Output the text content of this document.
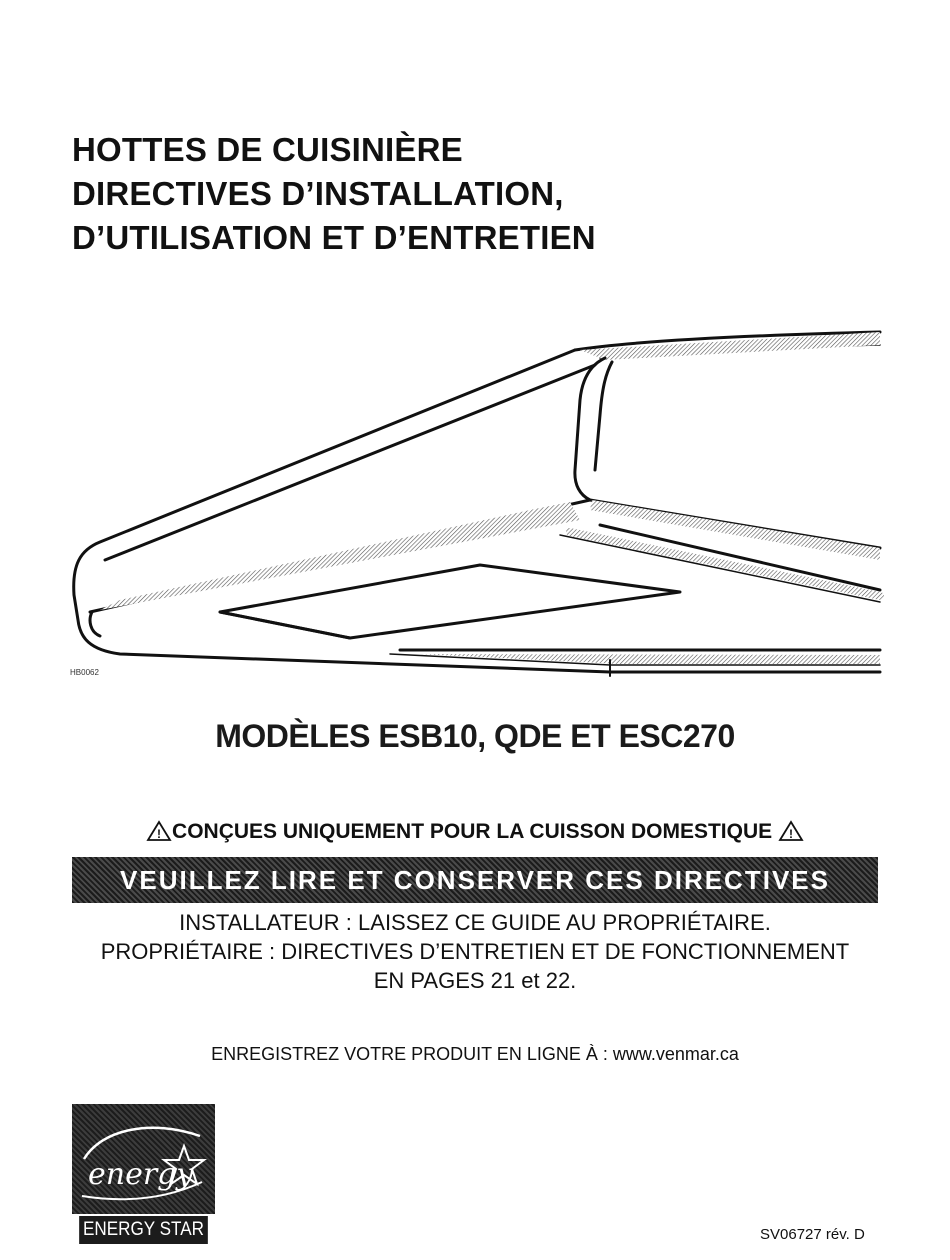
HOTTES DE CUISINIÈRE
DIRECTIVES D’INSTALLATION,
D’UTILISATION ET D’ENTRETIEN
HB0062
MODÈLES ESB10, QDE ET ESC270
! CONÇUES UNIQUEMENT POUR LA CUISSON DOMESTIQUE !
VEUILLEZ LIRE ET CONSERVER CES DIRECTIVES
INSTALLATEUR : LAISSEZ CE GUIDE AU PROPRIÉTAIRE.
PROPRIÉTAIRE : DIRECTIVES D’ENTRETIEN ET DE FONCTIONNEMENT
EN PAGES 21 et 22.
ENREGISTREZ VOTRE PRODUIT EN LIGNE À : www.venmar.ca
energy
ENERGY STAR	SV06727 rév. D
